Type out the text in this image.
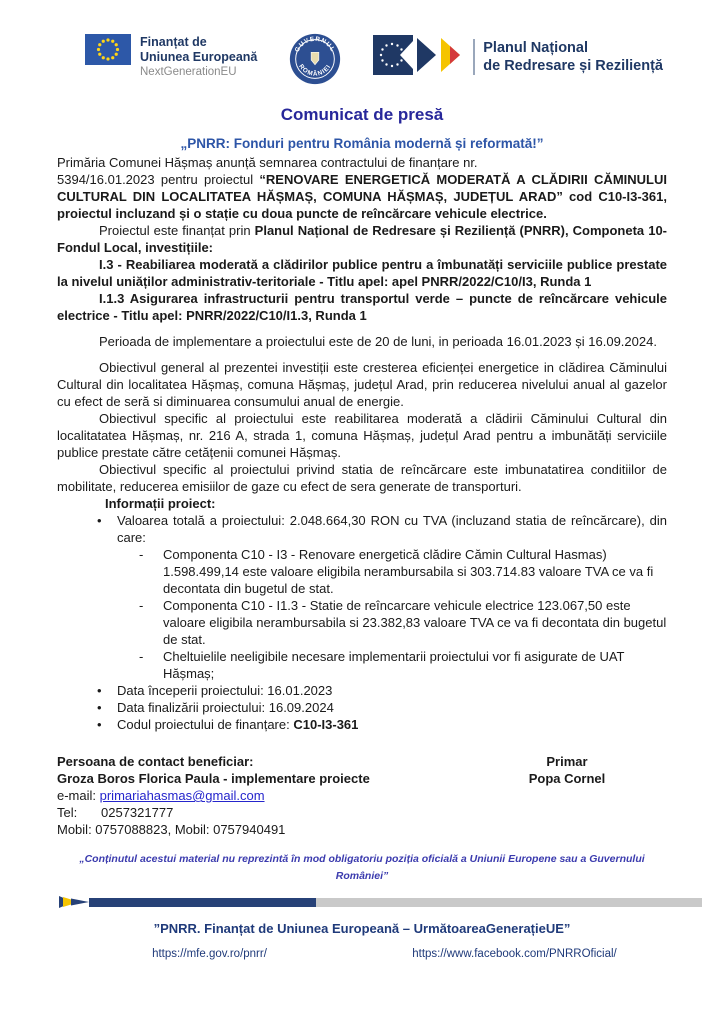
Finanțat de
Uniunea Europeană
NextGenerationEU
GUVERNUL
ROMÂNIEI
Planul Național
de Redresare și Reziliență
Comunicat de presă
„PNRR: Fonduri pentru România modernă și reformată!”

Primăria Comunei Hășmaș anunță semnarea contractului de finanțare nr.
5394/16.01.2023 pentru proiectul “RENOVARE ENERGETICĂ MODERATĂ A CLĂDIRII CĂMINULUI CULTURAL DIN LOCALITATEA HĂȘMAȘ, COMUNA HĂȘMAȘ, JUDEȚUL ARAD” cod C10-I3-361, proiectul incluzand și o stație cu doua puncte de reîncărcare vehicule electrice.

Proiectul este finanțat prin Planul Național de Redresare și Reziliență (PNRR), Componeta 10- Fondul Local, investițiile:

I.3 - Reabiliarea moderată a clădirilor publice pentru a îmbunatăți serviciile publice prestate la nivelul uniăților administrativ-teritoriale - Titlu apel: apel PNRR/2022/C10/I3, Runda 1

I.1.3 Asigurarea infrastructurii pentru transportul verde – puncte de reîncărcare vehicule electrice - Titlu apel: PNRR/2022/C10/I1.3, Runda 1

Perioada de implementare a proiectului este de 20 de luni, in perioada 16.01.2023 și 16.09.2024.

Obiectivul general al prezentei investiții este cresterea eficienței energetice in clădirea Căminului Cultural din localitatea Hășmaș, comuna Hășmaș, județul Arad, prin reducerea nivelului anual al gazelor cu efect de seră si diminuarea consumului anual de energie.

Obiectivul specific al proiectului este reabilitarea moderată a clădirii Căminului Cultural din localitatatea Hășmaș, nr. 216 A, strada 1, comuna Hășmaș, județul Arad pentru a imbunătăți serviciile publice prestate către cetățenii comunei Hășmaș.

Obiectivul specific al proiectului privind statia de reîncărcare este imbunatatirea conditiilor de mobilitate, reducerea emisiilor de gaze cu efect de sera generate de transporturi.

Informații proiect:
•	Valoarea totală a proiectului: 2.048.664,30 RON cu TVA (incluzand statia de reîncărcare), din care:
-	Componenta C10 - I3 - Renovare energetică clădire Cămin Cultural Hasmas) 1.598.499,14 este valoare eligibila nerambursabila si 303.714.83 valoare TVA ce va fi decontata din bugetul de stat.
-	Componenta C10 - I1.3 - Statie de reîncarcare vehicule electrice 123.067,50 este valoare eligibila nerambursabila si 23.382,83 valoare TVA ce va fi decontata din bugetul de stat.
-	Cheltuielile neeligibile necesare implementarii proiectului vor fi asigurate de UAT Hășmaș;
•	Data începerii proiectului: 16.01.2023
•	Data finalizării proiectului: 16.09.2024
•	Codul proiectului de finanțare: C10-I3-361
Persoana de contact beneficiar:	Primar
Groza Boros Florica Paula - implementare proiecte	Popa Cornel
e-mail: primariahasmas@gmail.com
Tel: 0257321777
Mobil: 0757088823, Mobil: 0757940491
„Conținutul acestui material nu reprezintă în mod obligatoriu poziția oficială a Uniunii Europene sau a Guvernului României”
”PNRR. Finanțat de Uniunea Europeană – UrmătoareaGenerațieUE”
https://mfe.gov.ro/pnrr/	https://www.facebook.com/PNRROficial/
